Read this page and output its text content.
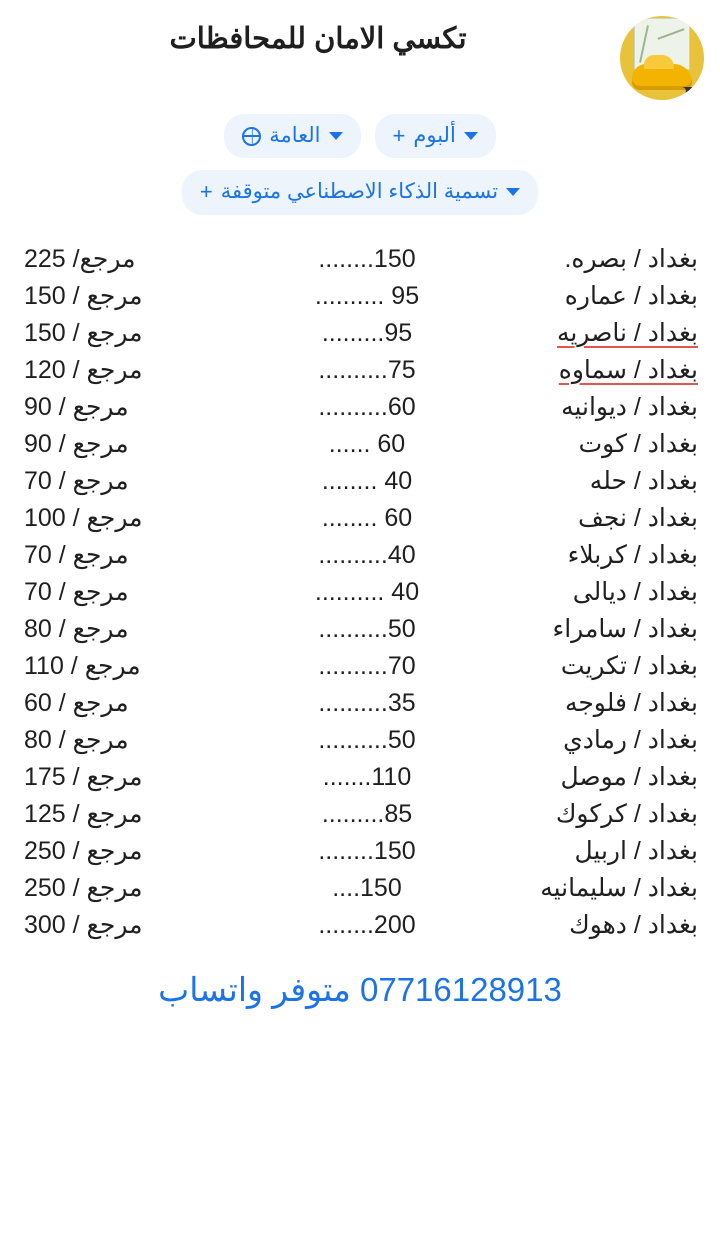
تكسي الامان للمحافظات
ألبوم
+
العامة
تسمية الذكاء الاصطناعي متوقفة
+
بغداد / بصره.
150........
مرجع/ 225
بغداد / عماره
95 ..........
مرجع / 150
بغداد / ناصريه
95.........
مرجع / 150
بغداد / سماوه
75..........
مرجع / 120
بغداد / ديوانيه
60..........
مرجع / 90
بغداد / كوت
60 ......
مرجع / 90
بغداد / حله
40 ........
مرجع / 70
بغداد / نجف
60 ........
مرجع / 100
بغداد / كربلاء
40..........
مرجع / 70
بغداد / ديالى
40 ..........
مرجع / 70
بغداد / سامراء
50..........
مرجع / 80
بغداد / تكريت
70..........
مرجع / 110
بغداد / فلوجه
35..........
مرجع / 60
بغداد / رمادي
50..........
مرجع / 80
بغداد / موصل
110.......
مرجع / 175
بغداد / كركوك
85.........
مرجع / 125
بغداد / اربيل
150........
مرجع / 250
بغداد / سليمانيه
150....
مرجع / 250
بغداد / دهوك
200........
مرجع / 300
07716128913 متوفر واتساب
